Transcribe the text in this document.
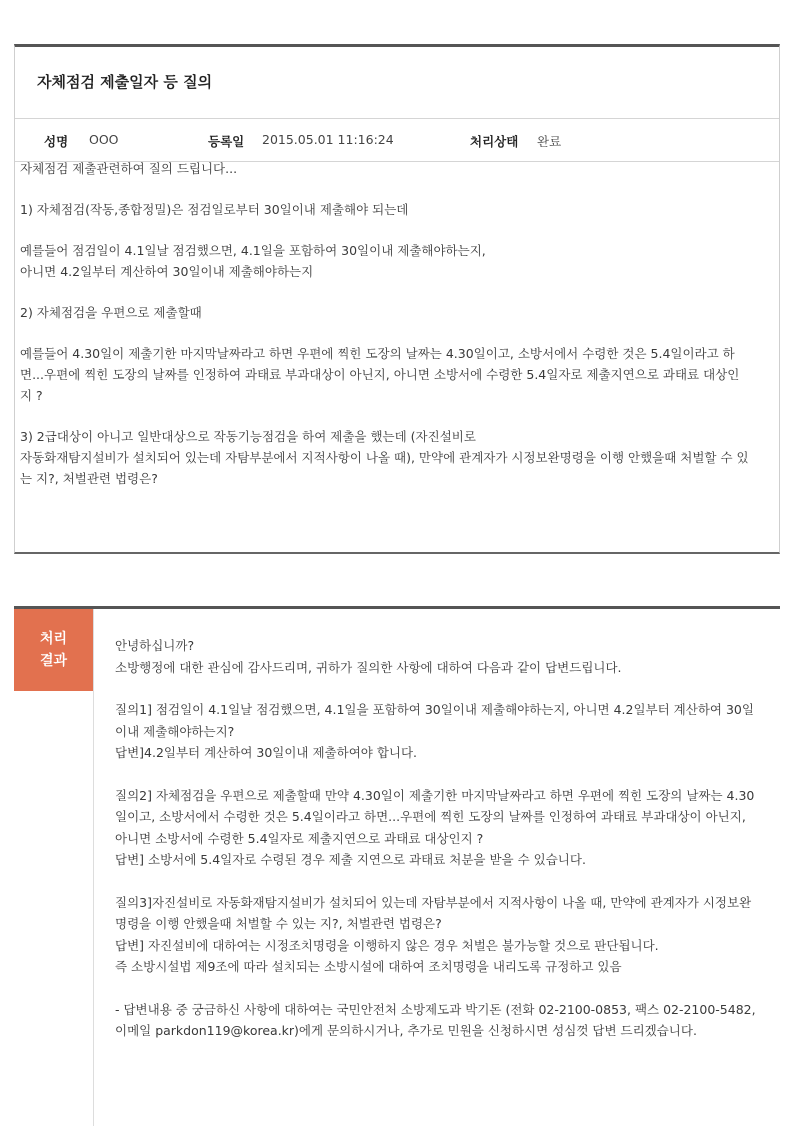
자체점검 제출일자 등 질의
성명 OOO	등록일 2015.05.01 11:16:24	처리상태 완료

자체점검 제출관련하여 질의 드립니다...

1) 자체점검(작동,종합정밀)은 점검일로부터 30일이내 제출해야 되는데

예를들어 점검일이 4.1일날 점검했으면, 4.1일을 포함하여 30일이내 제출해야하는지,
아니면 4.2일부터 계산하여 30일이내 제출해야하는지

2) 자체점검을 우편으로 제출할때

예를들어 4.30일이 제출기한 마지막날짜라고 하면 우편에 찍힌 도장의 날짜는 4.30일이고, 소방서에서 수령한 것은 5.4일이라고 하면...우편에 찍힌 도장의 날짜를 인정하여 과태료 부과대상이 아닌지, 아니면 소방서에 수령한 5.4일자로 제출지연으로 과태료 대상인지 ?

3) 2급대상이 아니고 일반대상으로 작동기능점검을 하여 제출을 했는데 (자진설비로
자동화재탐지설비가 설치되어 있는데 자탐부분에서 지적사항이 나올 때), 만약에 관계자가 시정보완명령을 이행 안했을때 처벌할 수 있는 지?, 처벌관련 법령은?

처리
결과

안녕하십니까?
소방행정에 대한 관심에 감사드리며, 귀하가 질의한 사항에 대하여 다음과 같이 답변드립니다.

질의1] 점검일이 4.1일날 점검했으면, 4.1일을 포함하여 30일이내 제출해야하는지, 아니면 4.2일부터 계산하여 30일이내 제출해야하는지?
답변]4.2일부터 계산하여 30일이내 제출하여야 합니다.

질의2] 자체점검을 우편으로 제출할때 만약 4.30일이 제출기한 마지막날짜라고 하면 우편에 찍힌 도장의 날짜는 4.30일이고, 소방서에서 수령한 것은 5.4일이라고 하면...우편에 찍힌 도장의 날짜를 인정하여 과태료 부과대상이 아닌지, 아니면 소방서에 수령한 5.4일자로 제출지연으로 과태료 대상인지 ?
답변] 소방서에 5.4일자로 수령된 경우 제출 지연으로 과태료 처분을 받을 수 있습니다.

질의3]자진설비로 자동화재탐지설비가 설치되어 있는데 자탐부분에서 지적사항이 나올 때, 만약에 관계자가 시정보완명령을 이행 안했을때 처벌할 수 있는 지?, 처벌관련 법령은?
답변] 자진설비에 대하여는 시정조치명령을 이행하지 않은 경우 처벌은 불가능할 것으로 판단됩니다.
즉 소방시설법 제9조에 따라 설치되는 소방시설에 대하여 조치명령을 내리도록 규정하고 있음

- 답변내용 중 궁금하신 사항에 대하여는 국민안전처 소방제도과 박기돈 (전화 02-2100-0853, 팩스 02-2100-5482, 이메일 parkdon119@korea.kr)에게 문의하시거나, 추가로 민원을 신청하시면 성심껏 답변 드리겠습니다.
